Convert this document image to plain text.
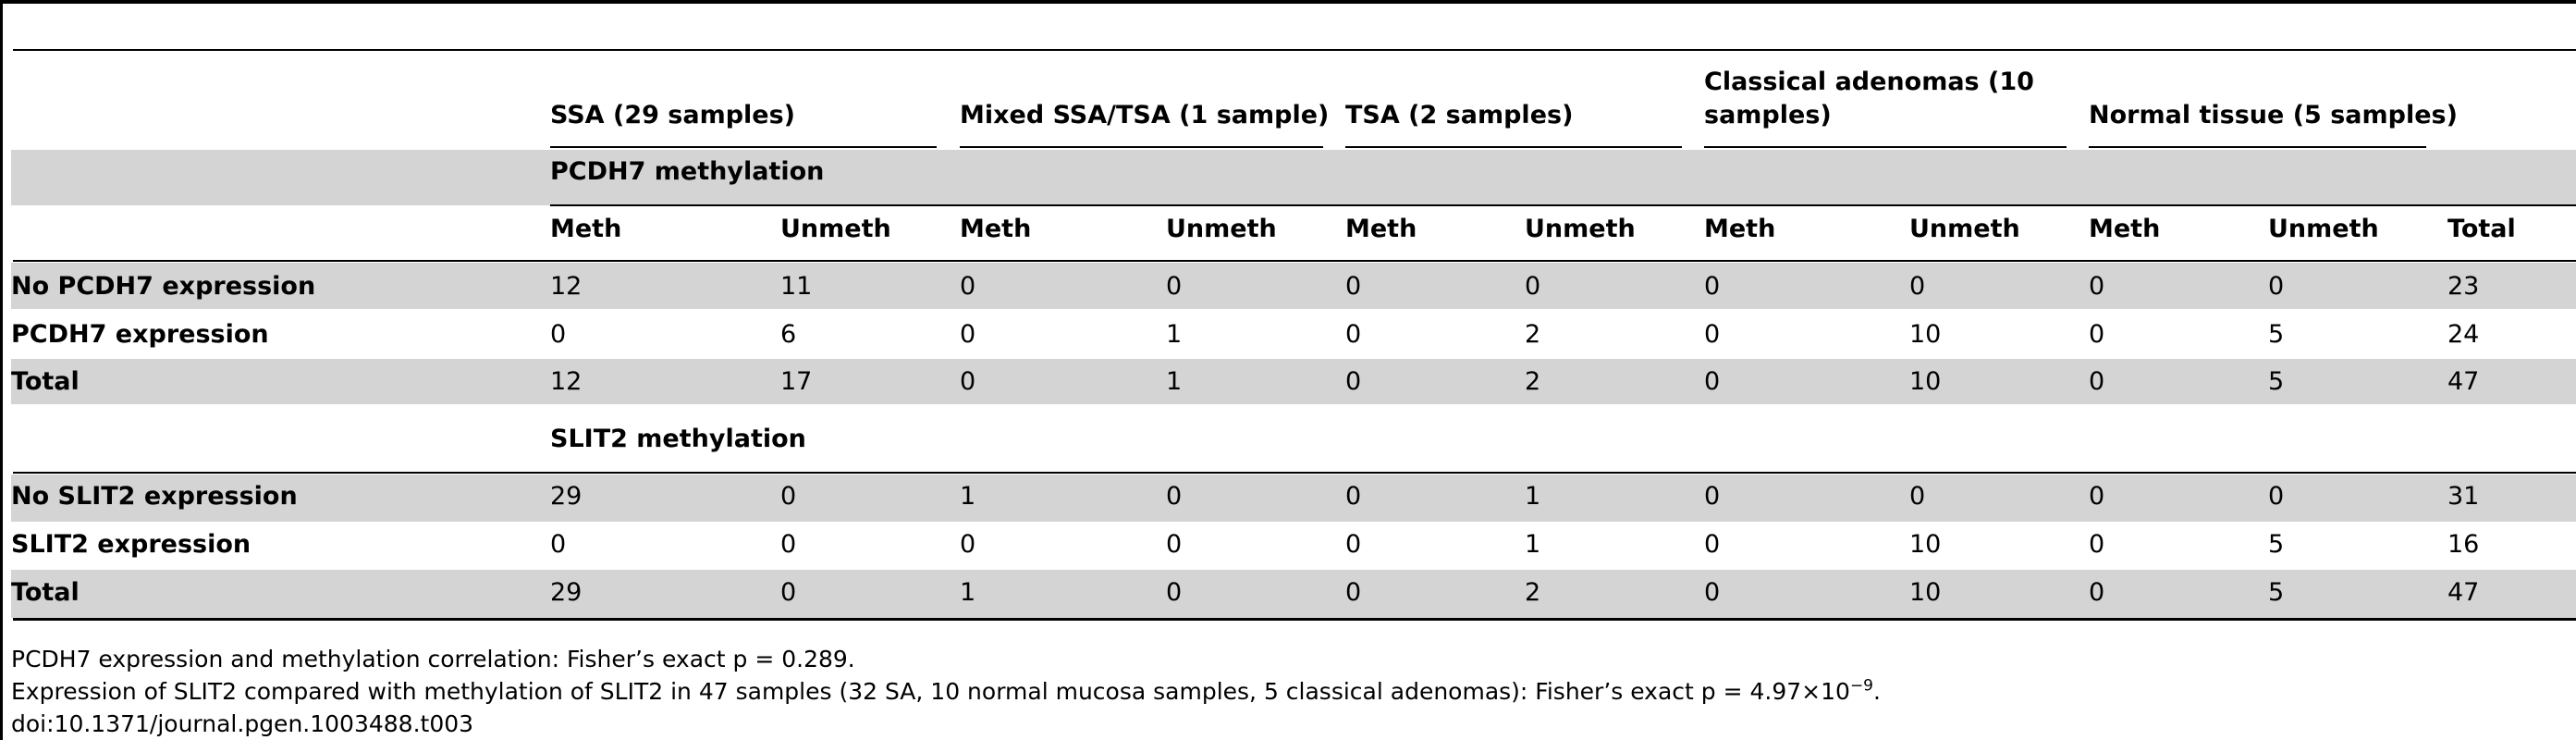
SSA (29 samples)	Mixed SSA/TSA (1 sample) TSA (2 samples)
Classical adenomas (10
samples)	Normal tissue (5 samples)
PCDH7 methylation
Meth	Unmeth	Meth	Unmeth	Meth	Unmeth	Meth	Unmeth	Meth	Unmeth	Total
No PCDH7 expression	12	11	0	0	0	0	0	0	0	0	23
PCDH7 expression	0	6	0	1	0	2	0	10	0	5	24
Total	12	17	0	1	0	2	0	10	0	5	47
SLIT2 methylation
No SLIT2 expression	29	0	1	0	0	1	0	0	0	0	31
SLIT2 expression	0	0	0	0	0	1	0	10	0	5	16
Total	29	0	1	0	0	2	0	10	0	5	47
PCDH7 expression and methylation correlation: Fisher’s exact p = 0.289.
Expression of SLIT2 compared with methylation of SLIT2 in 47 samples (32 SA, 10 normal mucosa samples, 5 classical adenomas): Fisher’s exact $p = 4.97\times 10^{-9}$.
doi:10.1371/journal.pgen.1003488.t003
